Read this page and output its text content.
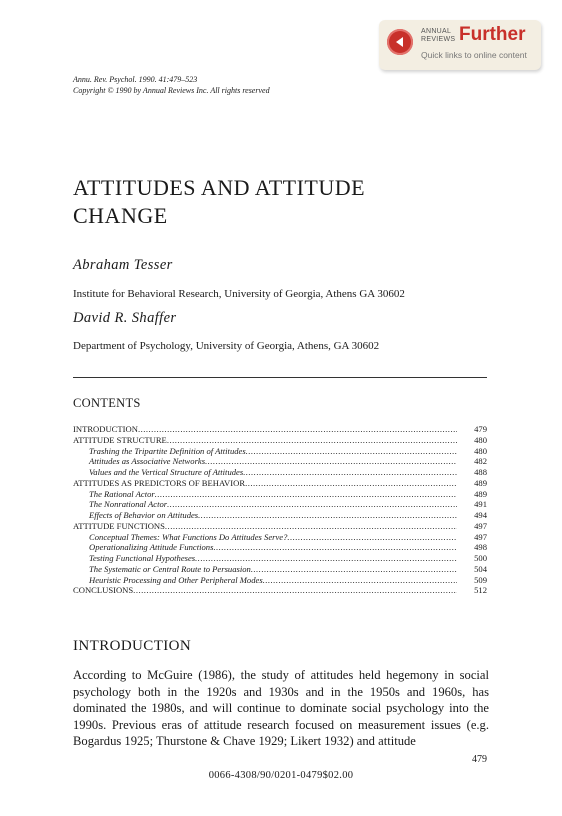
ANNUAL
REVIEWS Further
Quick links to online content
Annu. Rev. Psychol. 1990. 41:479–523
Copyright © 1990 by Annual Reviews Inc. All rights reserved
ATTITUDES AND ATTITUDE
CHANGE
Abraham Tesser
Institute for Behavioral Research, University of Georgia, Athens GA 30602
David R. Shaffer
Department of Psychology, University of Georgia, Athens, GA 30602
CONTENTS
INTRODUCTION .....	479
ATTITUDE STRUCTURE .....	480
Trashing the Tripartite Definition of Attitudes .....	480
Attitudes as Associative Networks .....	482
Values and the Vertical Structure of Attitudes .....	488
ATTITUDES AS PREDICTORS OF BEHAVIOR .....	489
The Rational Actor .....	489
The Nonrational Actor .....	491
Effects of Behavior on Attitudes .....	494
ATTITUDE FUNCTIONS .....	497
Conceptual Themes: What Functions Do Attitudes Serve? .....	497
Operationalizing Attitude Functions .....	498
Testing Functional Hypotheses .....	500
The Systematic or Central Route to Persuasion .....	504
Heuristic Processing and Other Peripheral Modes .....	509
CONCLUSIONS .....	512
INTRODUCTION
According to McGuire (1986), the study of attitudes held hegemony in social psychology both in the 1920s and 1930s and in the 1950s and 1960s, has dominated the 1980s, and will continue to dominate social psychology into the 1990s. Previous eras of attitude research focused on measurement issues (e.g. Bogardus 1925; Thurstone & Chave 1929; Likert 1932) and attitude
479
0066-4308/90/0201-0479$02.00
